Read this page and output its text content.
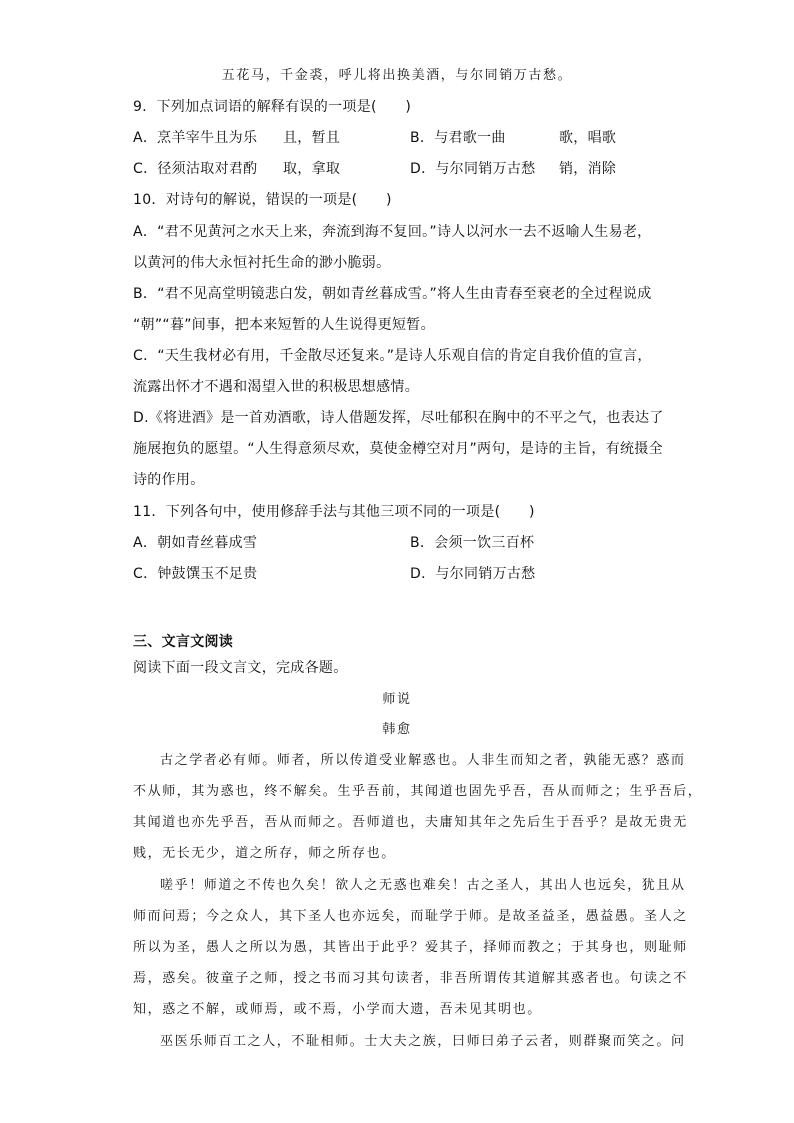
五花马，千金裘，呼儿将出换美酒，与尔同销万古愁。
9．下列加点词语的解释有误的一项是(　　)
A．烹羊宰牛且为乐 且，暂且	B．与君歌一曲	歌，唱歌
C．径须沽取对君酌 取，拿取	D．与尔同销万古愁 销，消除
10．对诗句的解说，错误的一项是(　　)
A．“君不见黄河之水天上来，奔流到海不复回。”诗人以河水一去不返喻人生易老，
以黄河的伟大永恒衬托生命的渺小脆弱。
B．“君不见高堂明镜悲白发，朝如青丝暮成雪。”将人生由青春至衰老的全过程说成
“朝”“暮”间事，把本来短暂的人生说得更短暂。
C．“天生我材必有用，千金散尽还复来。”是诗人乐观自信的肯定自我价值的宣言，
流露出怀才不遇和渴望入世的积极思想感情。
D.《将进酒》是一首劝酒歌，诗人借题发挥，尽吐郁积在胸中的不平之气，也表达了
施展抱负的愿望。“人生得意须尽欢，莫使金樽空对月”两句，是诗的主旨，有统摄全
诗的作用。
11．下列各句中，使用修辞手法与其他三项不同的一项是(　　)
A．朝如青丝暮成雪	B．会须一饮三百杯
C．钟鼓馔玉不足贵	D．与尔同销万古愁
三、文言文阅读
阅读下面一段文言文，完成各题。
师说
韩愈
古之学者必有师。师者，所以传道受业解惑也。人非生而知之者，孰能无惑？惑而
不从师，其为惑也，终不解矣。生乎吾前，其闻道也固先乎吾，吾从而师之；生乎吾后，
其闻道也亦先乎吾，吾从而师之。吾师道也，夫庸知其年之先后生于吾乎？是故无贵无
贱，无长无少，道之所存，师之所存也。
嗟乎！师道之不传也久矣！欲人之无惑也难矣！古之圣人，其出人也远矣，犹且从
师而问焉；今之众人，其下圣人也亦远矣，而耻学于师。是故圣益圣，愚益愚。圣人之
所以为圣，愚人之所以为愚，其皆出于此乎？爱其子，择师而教之；于其身也，则耻师
焉，惑矣。彼童子之师，授之书而习其句读者，非吾所谓传其道解其惑者也。句读之不
知，惑之不解，或师焉，或不焉，小学而大遗，吾未见其明也。
巫医乐师百工之人，不耻相师。士大夫之族，曰师曰弟子云者，则群聚而笑之。问
